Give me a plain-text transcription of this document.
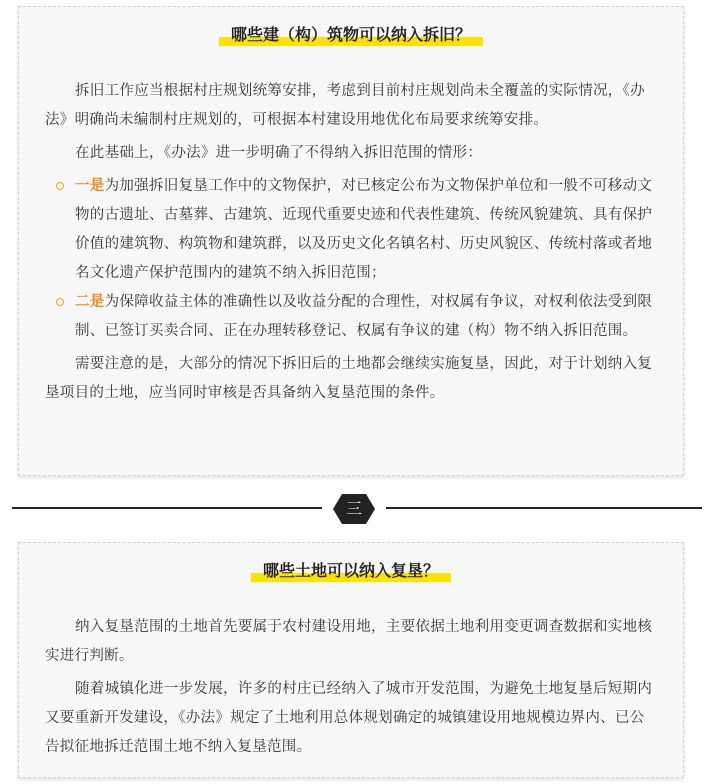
哪些建（构）筑物可以纳入拆旧？

拆旧工作应当根据村庄规划统筹安排，考虑到目前村庄规划尚未全覆盖的实际情况，《办法》明确尚未编制村庄规划的，可根据本村建设用地优化布局要求统筹安排。

在此基础上，《办法》进一步明确了不得纳入拆旧范围的情形：

一是为加强拆旧复垦工作中的文物保护，对已核定公布为文物保护单位和一般不可移动文物的古遗址、古墓葬、古建筑、近现代重要史迹和代表性建筑、传统风貌建筑、具有保护价值的建筑物、构筑物和建筑群，以及历史文化名镇名村、历史风貌区、传统村落或者地名文化遗产保护范围内的建筑不纳入拆旧范围；
二是为保障收益主体的准确性以及收益分配的合理性，对权属有争议，对权利依法受到限制、已签订买卖合同、正在办理转移登记、权属有争议的建（构）物不纳入拆旧范围。

需要注意的是，大部分的情况下拆旧后的土地都会继续实施复垦，因此，对于计划纳入复垦项目的土地，应当同时审核是否具备纳入复垦范围的条件。

三
哪些土地可以纳入复垦？

纳入复垦范围的土地首先要属于农村建设用地，主要依据土地利用变更调查数据和实地核实进行判断。

随着城镇化进一步发展，许多的村庄已经纳入了城市开发范围，为避免土地复垦后短期内又要重新开发建设，《办法》规定了土地利用总体规划确定的城镇建设用地规模边界内、已公告拟征地拆迁范围土地不纳入复垦范围。
